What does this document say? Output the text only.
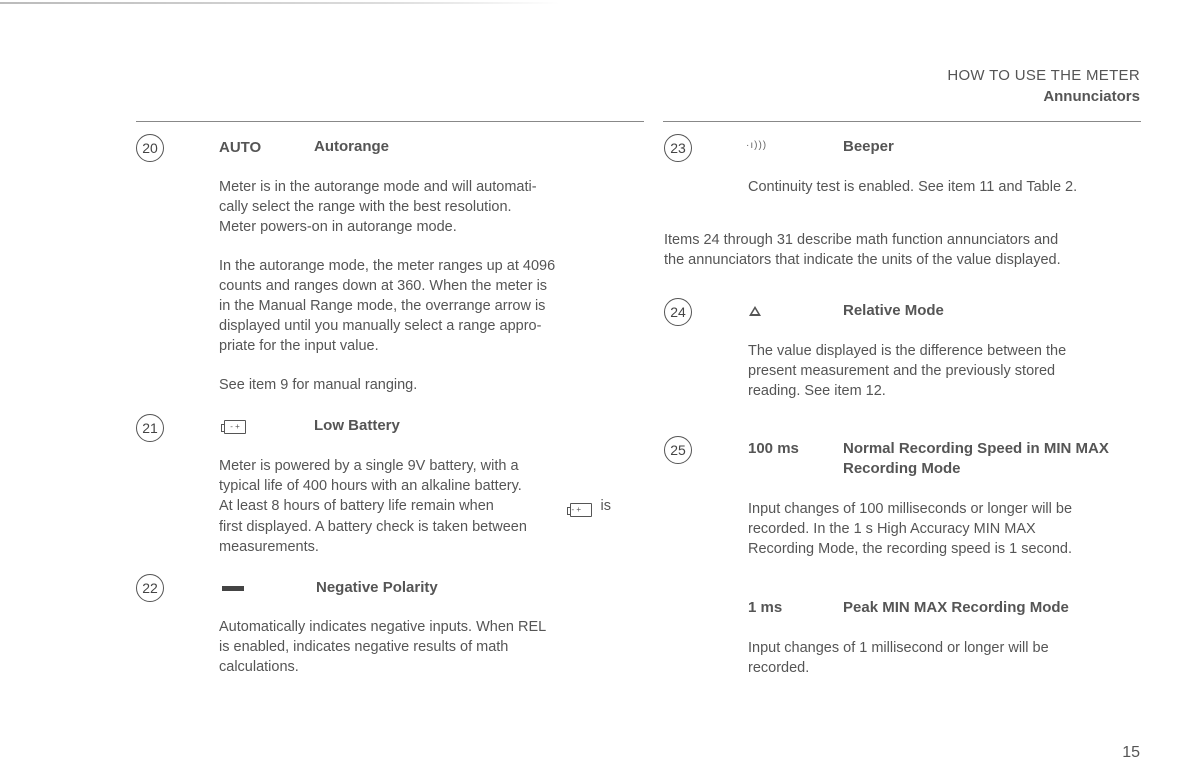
HOW TO USE THE METER
Annunciators
20	AUTO	Autorange
Meter is in the autorange mode and will automati-
cally select the range with the best resolution.
Meter powers-on in autorange mode.
In the autorange mode, the meter ranges up at 4096
counts and ranges down at 360. When the meter is
in the Manual Range mode, the overrange arrow is
displayed until you manually select a range appro-
priate for the input value.
See item 9 for manual ranging.
21	- +	Low Battery
Meter is powered by a single 9V battery, with a
typical life of 400 hours with an alkaline battery.
At least 8 hours of battery life remain when	- + is
first displayed. A battery check is taken between
measurements.
22	Negative Polarity
Automatically indicates negative inputs. When REL
is enabled, indicates negative results of math
calculations.
23	·ı)))	Beeper
Continuity test is enabled. See item 11 and Table 2.
Items 24 through 31 describe math function annunciators and
the annunciators that indicate the units of the value displayed.
24	Relative Mode
The value displayed is the difference between the
present measurement and the previously stored
reading. See item 12.
25	100 ms	Normal Recording Speed in MIN MAX
Recording Mode
Input changes of 100 milliseconds or longer will be
recorded. In the 1 s High Accuracy MIN MAX
Recording Mode, the recording speed is 1 second.
1 ms	Peak MIN MAX Recording Mode
Input changes of 1 millisecond or longer will be
recorded.
15
